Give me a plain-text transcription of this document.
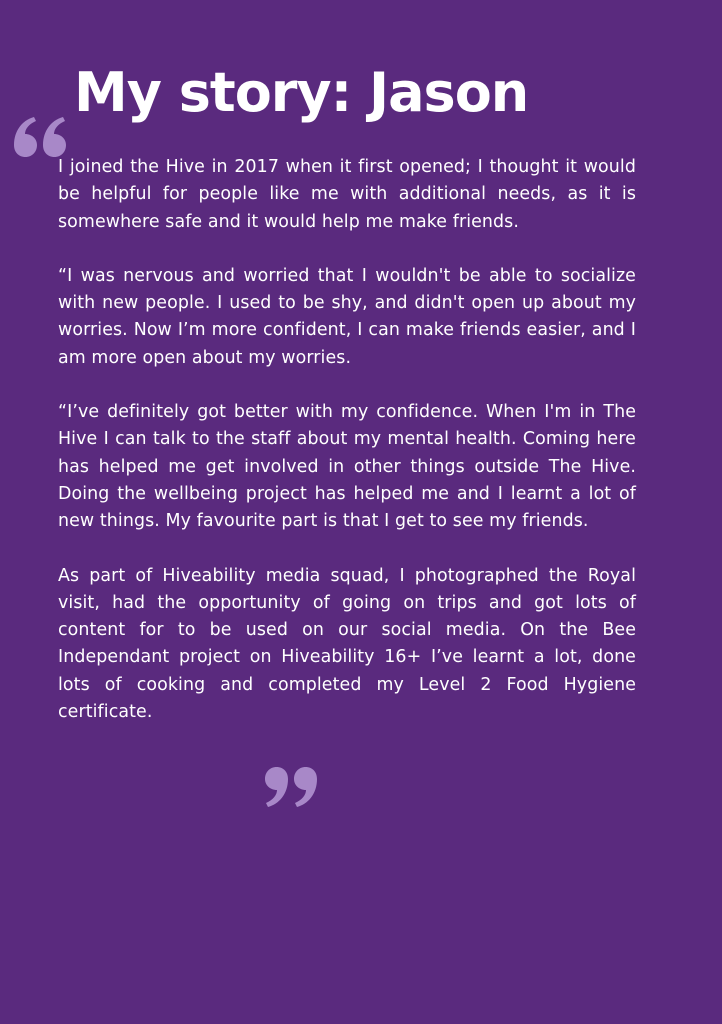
My story: Jason

I joined the Hive in 2017 when it first opened; I thought it would be helpful for people like me with additional needs, as it is somewhere safe and it would help me make friends.

“I was nervous and worried that I wouldn't be able to socialize with new people. I used to be shy, and didn't open up about my worries. Now I’m more confident, I can make friends easier, and I am more open about my worries.

“I’ve definitely got better with my confidence. When I'm in The Hive I can talk to the staff about my mental health. Coming here has helped me get involved in other things outside The Hive. Doing the wellbeing project has helped me and I learnt a lot of new things. My favourite part is that I get to see my friends.

As part of Hiveability media squad, I photographed the Royal visit, had the opportunity of going on trips and got lots of content for to be used on our social media. On the Bee Independant project on Hiveability 16+ I’ve learnt a lot, done lots of cooking and completed my Level 2 Food Hygiene certificate.
